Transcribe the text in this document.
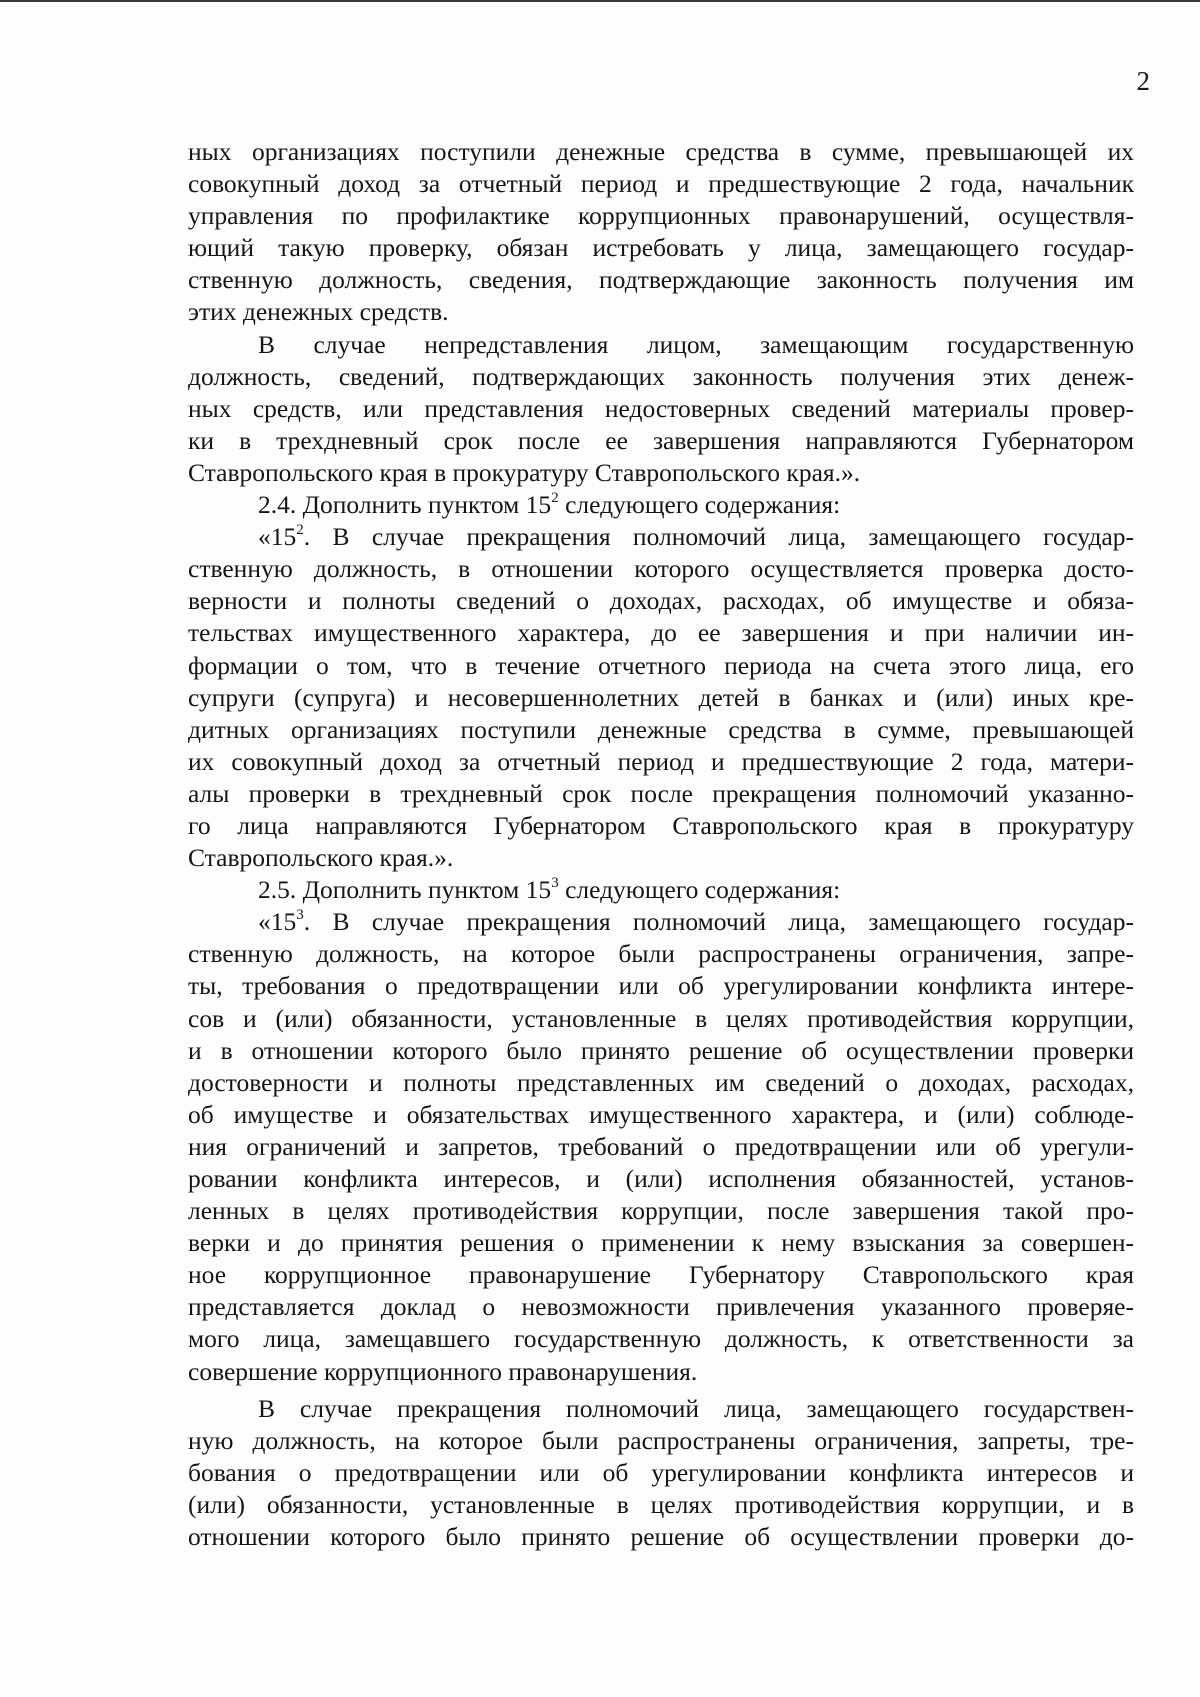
2
ных организациях поступили денежные средства в сумме, превышающей их
совокупный доход за отчетный период и предшествующие 2 года, начальник
управления по профилактике коррупционных правонарушений, осуществля-
ющий такую проверку, обязан истребовать у лица, замещающего государ-
ственную должность, сведения, подтверждающие законность получения им
этих денежных средств.
В случае непредставления лицом, замещающим государственную
должность, сведений, подтверждающих законность получения этих денеж-
ных средств, или представления недостоверных сведений материалы провер-
ки в трехдневный срок после ее завершения направляются Губернатором
Ставропольского края в прокуратуру Ставропольского края.».
2.4. Дополнить пунктом $15^2$ следующего содержания:
«$15^2$. В случае прекращения полномочий лица, замещающего государ-
ственную должность, в отношении которого осуществляется проверка досто-
верности и полноты сведений о доходах, расходах, об имуществе и обяза-
тельствах имущественного характера, до ее завершения и при наличии ин-
формации о том, что в течение отчетного периода на счета этого лица, его
супруги (супруга) и несовершеннолетних детей в банках и (или) иных кре-
дитных организациях поступили денежные средства в сумме, превышающей
их совокупный доход за отчетный период и предшествующие 2 года, матери-
алы проверки в трехдневный срок после прекращения полномочий указанно-
го лица направляются Губернатором Ставропольского края в прокуратуру
Ставропольского края.».
2.5. Дополнить пунктом $15^3$ следующего содержания:
«$15^3$. В случае прекращения полномочий лица, замещающего государ-
ственную должность, на которое были распространены ограничения, запре-
ты, требования о предотвращении или об урегулировании конфликта интере-
сов и (или) обязанности, установленные в целях противодействия коррупции,
и в отношении которого было принято решение об осуществлении проверки
достоверности и полноты представленных им сведений о доходах, расходах,
об имуществе и обязательствах имущественного характера, и (или) соблюде-
ния ограничений и запретов, требований о предотвращении или об урегули-
ровании конфликта интересов, и (или) исполнения обязанностей, установ-
ленных в целях противодействия коррупции, после завершения такой про-
верки и до принятия решения о применении к нему взыскания за совершен-
ное коррупционное правонарушение Губернатору Ставропольского края
представляется доклад о невозможности привлечения указанного проверяе-
мого лица, замещавшего государственную должность, к ответственности за
совершение коррупционного правонарушения.
В случае прекращения полномочий лица, замещающего государствен-
ную должность, на которое были распространены ограничения, запреты, тре-
бования о предотвращении или об урегулировании конфликта интересов и
(или) обязанности, установленные в целях противодействия коррупции, и в
отношении которого было принято решение об осуществлении проверки до-
